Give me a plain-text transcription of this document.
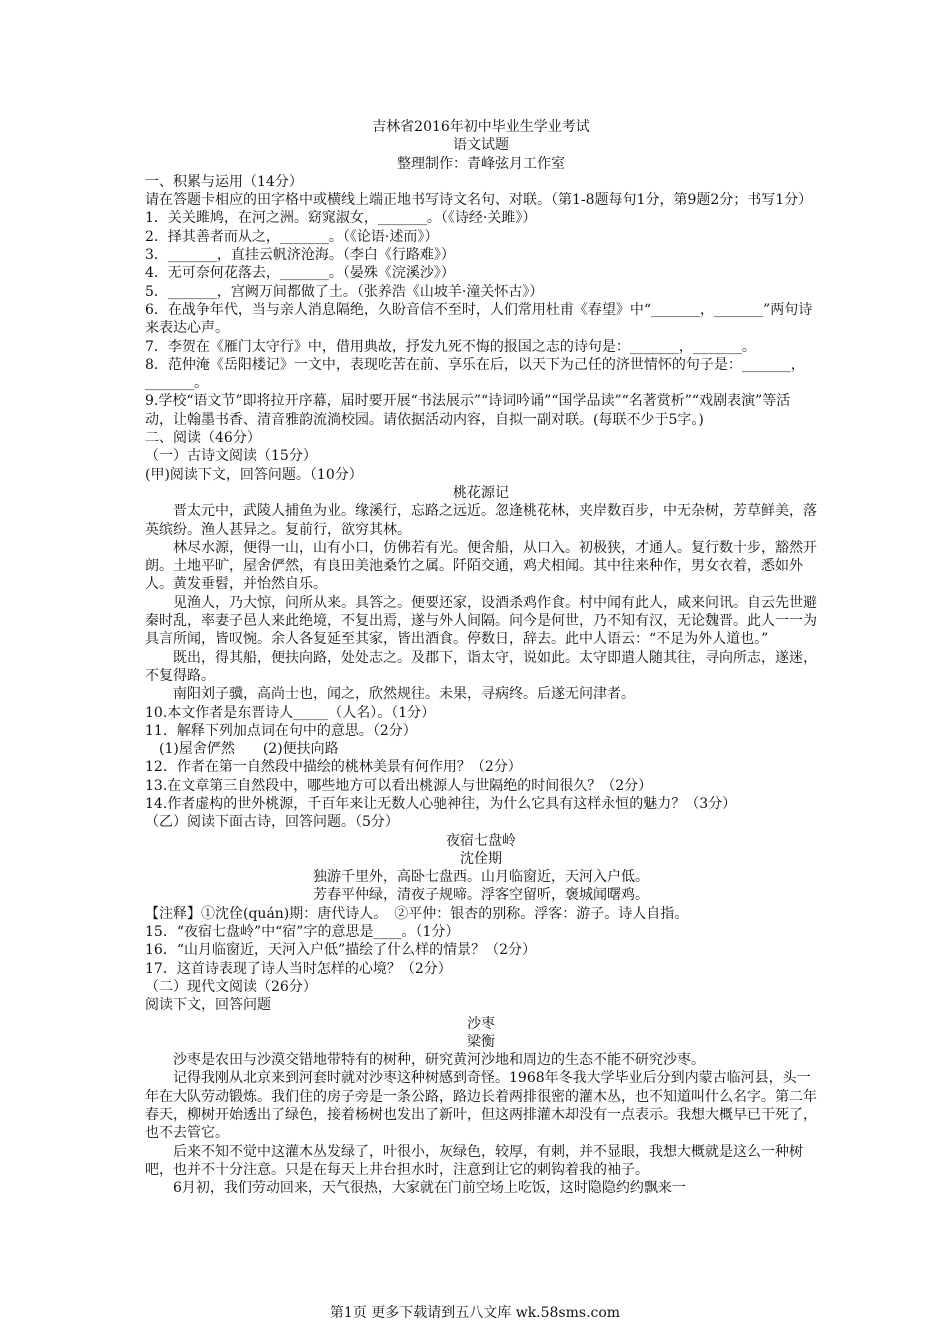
吉林省2016年初中毕业生学业考试

语文试题

整理制作：青峰弦月工作室

一、积累与运用（14分）

请在答题卡相应的田字格中或横线上端正地书写诗文名句、对联。（第1-8题每句1分，第9题2分；书写1分）

1．关关雎鸠，在河之洲。窈窕淑女，_______。（《诗经·关雎》）

2．择其善者而从之，_______。（《论语·述而》）

3．_______，直挂云帆济沧海。（李白《行路难》）

4．无可奈何花落去，_______。（晏殊《浣溪沙》）

5．_______，宫阙万间都做了土。（张养浩《山坡羊·潼关怀古》）

6．在战争年代，当与亲人消息隔绝，久盼音信不至时，人们常用杜甫《春望》中“_______，_______”两句诗来表达心声。

7．李贺在《雁门太守行》中，借用典故，抒发九死不悔的报国之志的诗句是：_______，_______。

8．范仲淹《岳阳楼记》一文中，表现吃苦在前、享乐在后，以天下为己任的济世情怀的句子是：_______，_______。

9.学校“语文节”即将拉开序幕，届时要开展“书法展示”“诗词吟诵”“国学品读”“名著赏析”“戏剧表演”等活动，让翰墨书香、清音雅韵流淌校园。请依据活动内容，自拟一副对联。(每联不少于5字。)

二、阅读（46分）

（一）古诗文阅读（15分）

(甲)阅读下文，回答问题。（10分）

桃花源记

晋太元中，武陵人捕鱼为业。缘溪行，忘路之远近。忽逢桃花林，夹岸数百步，中无杂树，芳草鲜美，落英缤纷。渔人甚异之。复前行，欲穷其林。

林尽水源，便得一山，山有小口，仿佛若有光。便舍船，从口入。初极狭，才通人。复行数十步，豁然开朗。土地平旷，屋舍俨然，有良田美池桑竹之属。阡陌交通，鸡犬相闻。其中往来种作，男女衣着，悉如外人。黄发垂髫，并怡然自乐。

见渔人，乃大惊，问所从来。具答之。便要还家，设酒杀鸡作食。村中闻有此人，咸来问讯。自云先世避秦时乱，率妻子邑人来此绝境，不复出焉，遂与外人间隔。问今是何世，乃不知有汉，无论魏晋。此人一一为具言所闻，皆叹惋。余人各复延至其家，皆出酒食。停数日，辞去。此中人语云：“不足为外人道也。”

既出，得其船，便扶向路，处处志之。及郡下，诣太守，说如此。太守即遣人随其往，寻向所志，遂迷，不复得路。

南阳刘子骥，高尚士也，闻之，欣然规往。未果，寻病终。后遂无问津者。

10.本文作者是东晋诗人_____（人名）。（1分）

11．解释下列加点词在句中的意思。（2分）

(1)屋舍俨然　　(2)便扶向路

12．作者在第一自然段中描绘的桃林美景有何作用？（2分）

13.在文章第三自然段中，哪些地方可以看出桃源人与世隔绝的时间很久？（2分）

14.作者虚构的世外桃源，千百年来让无数人心驰神往，为什么它具有这样永恒的魅力？（3分）

（乙）阅读下面古诗，回答问题。（5分）

夜宿七盘岭

沈佺期

独游千里外，高卧七盘西。山月临窗近，天河入户低。

芳春平仲绿，清夜子规啼。浮客空留听，褒城闻曙鸡。

【注释】①沈佺(quán)期：唐代诗人。　②平仲：银杏的别称。浮客：游子。诗人自指。

15．“夜宿七盘岭”中“宿”字的意思是____。（1分）

16．“山月临窗近，天河入户低”描绘了什么样的情景？（2分）

17．这首诗表现了诗人当时怎样的心境？（2分）

（二）现代文阅读（26分）

阅读下文，回答问题

沙枣

梁衡

沙枣是农田与沙漠交错地带特有的树种，研究黄河沙地和周边的生态不能不研究沙枣。

记得我刚从北京来到河套时就对沙枣这种树感到奇怪。1968年冬我大学毕业后分到内蒙古临河县，头一年在大队劳动锻炼。我们住的房子旁是一条公路，路边长着两排很密的灌木丛，也不知道叫什么名字。第二年春天，柳树开始透出了绿色，接着杨树也发出了新叶，但这两排灌木却没有一点表示。我想大概早已干死了，也不去管它。

后来不知不觉中这灌木丛发绿了，叶很小，灰绿色，较厚，有刺，并不显眼，我想大概就是这么一种树吧，也并不十分注意。只是在每天上井台担水时，注意到让它的刺钩着我的袖子。

6月初，我们劳动回来，天气很热，大家就在门前空场上吃饭，这时隐隐约约飘来一

第1页 更多下载请到五八文库 wk.58sms.com
